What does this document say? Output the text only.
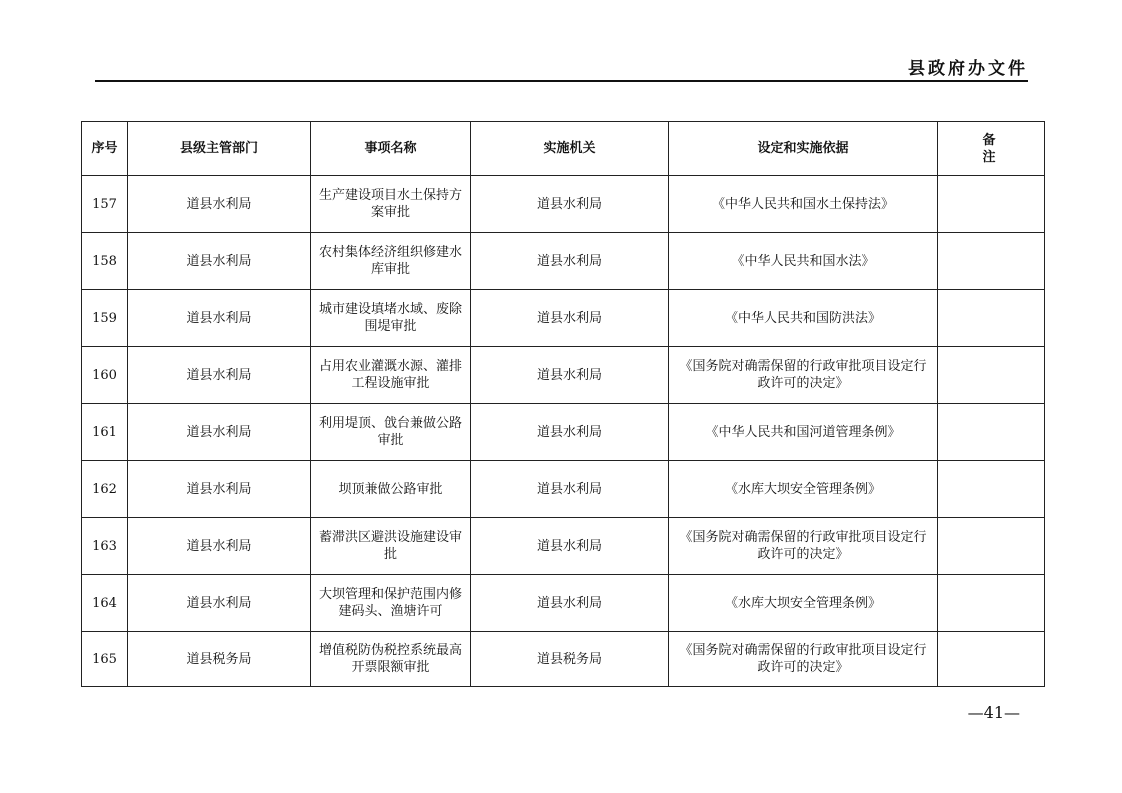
县政府办文件
序号	县级主管部门	事项名称	实施机关	设定和实施依据	备 注
157	道县水利局	生产建设项目水土保持方案审批	道县水利局	《中华人民共和国水土保持法》	
158	道县水利局	农村集体经济组织修建水库审批	道县水利局	《中华人民共和国水法》	
159	道县水利局	城市建设填堵水域、废除围堤审批	道县水利局	《中华人民共和国防洪法》	
160	道县水利局	占用农业灌溉水源、灌排工程设施审批	道县水利局	《国务院对确需保留的行政审批项目设定行政许可的决定》	
161	道县水利局	利用堤顶、戗台兼做公路审批	道县水利局	《中华人民共和国河道管理条例》	
162	道县水利局	坝顶兼做公路审批	道县水利局	《水库大坝安全管理条例》	
163	道县水利局	蓄滞洪区避洪设施建设审批	道县水利局	《国务院对确需保留的行政审批项目设定行政许可的决定》	
164	道县水利局	大坝管理和保护范围内修建码头、渔塘许可	道县水利局	《水库大坝安全管理条例》	
165	道县税务局	增值税防伪税控系统最高开票限额审批	道县税务局	《国务院对确需保留的行政审批项目设定行政许可的决定》	
—41—
